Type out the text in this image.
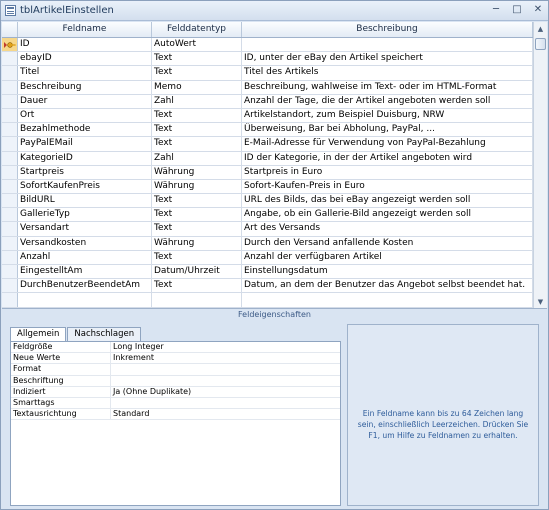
tblArtikelEinstellen	─ □ ✕
Feldname	Felddatentyp	Beschreibung
ID	AutoWert
ebayID	Text	ID, unter der eBay den Artikel speichert
Titel	Text	Titel des Artikels
Beschreibung	Memo	Beschreibung, wahlweise im Text- oder im HTML-Format
Dauer	Zahl	Anzahl der Tage, die der Artikel angeboten werden soll
Ort	Text	Artikelstandort, zum Beispiel Duisburg, NRW
Bezahlmethode	Text	Überweisung, Bar bei Abholung, PayPal, ...
PayPalEMail	Text	E-Mail-Adresse für Verwendung von PayPal-Bezahlung
KategorieID	Zahl	ID der Kategorie, in der der Artikel angeboten wird
Startpreis	Währung	Startpreis in Euro
SofortKaufenPreis	Währung	Sofort-Kaufen-Preis in Euro
BildURL	Text	URL des Bilds, das bei eBay angezeigt werden soll
GallerieTyp	Text	Angabe, ob ein Gallerie-Bild angezeigt werden soll
Versandart	Text	Art des Versands
Versandkosten	Währung	Durch den Versand anfallende Kosten
Anzahl	Text	Anzahl der verfügbaren Artikel
EingestelltAm	Datum/Uhrzeit	Einstellungsdatum
DurchBenutzerBeendetAm	Text	Datum, an dem der Benutzer das Angebot selbst beendet hat.
▲
▼
Feldeigenschaften
Allgemein	Nachschlagen
Feldgröße	Long Integer
Neue Werte	Inkrement
Format
Beschriftung
Indiziert	Ja (Ohne Duplikate)
Smarttags
Textausrichtung	Standard	Ein Feldname kann bis zu 64 Zeichen lang sein, einschließlich Leerzeichen. Drücken Sie F1, um Hilfe zu Feldnamen zu erhalten.
